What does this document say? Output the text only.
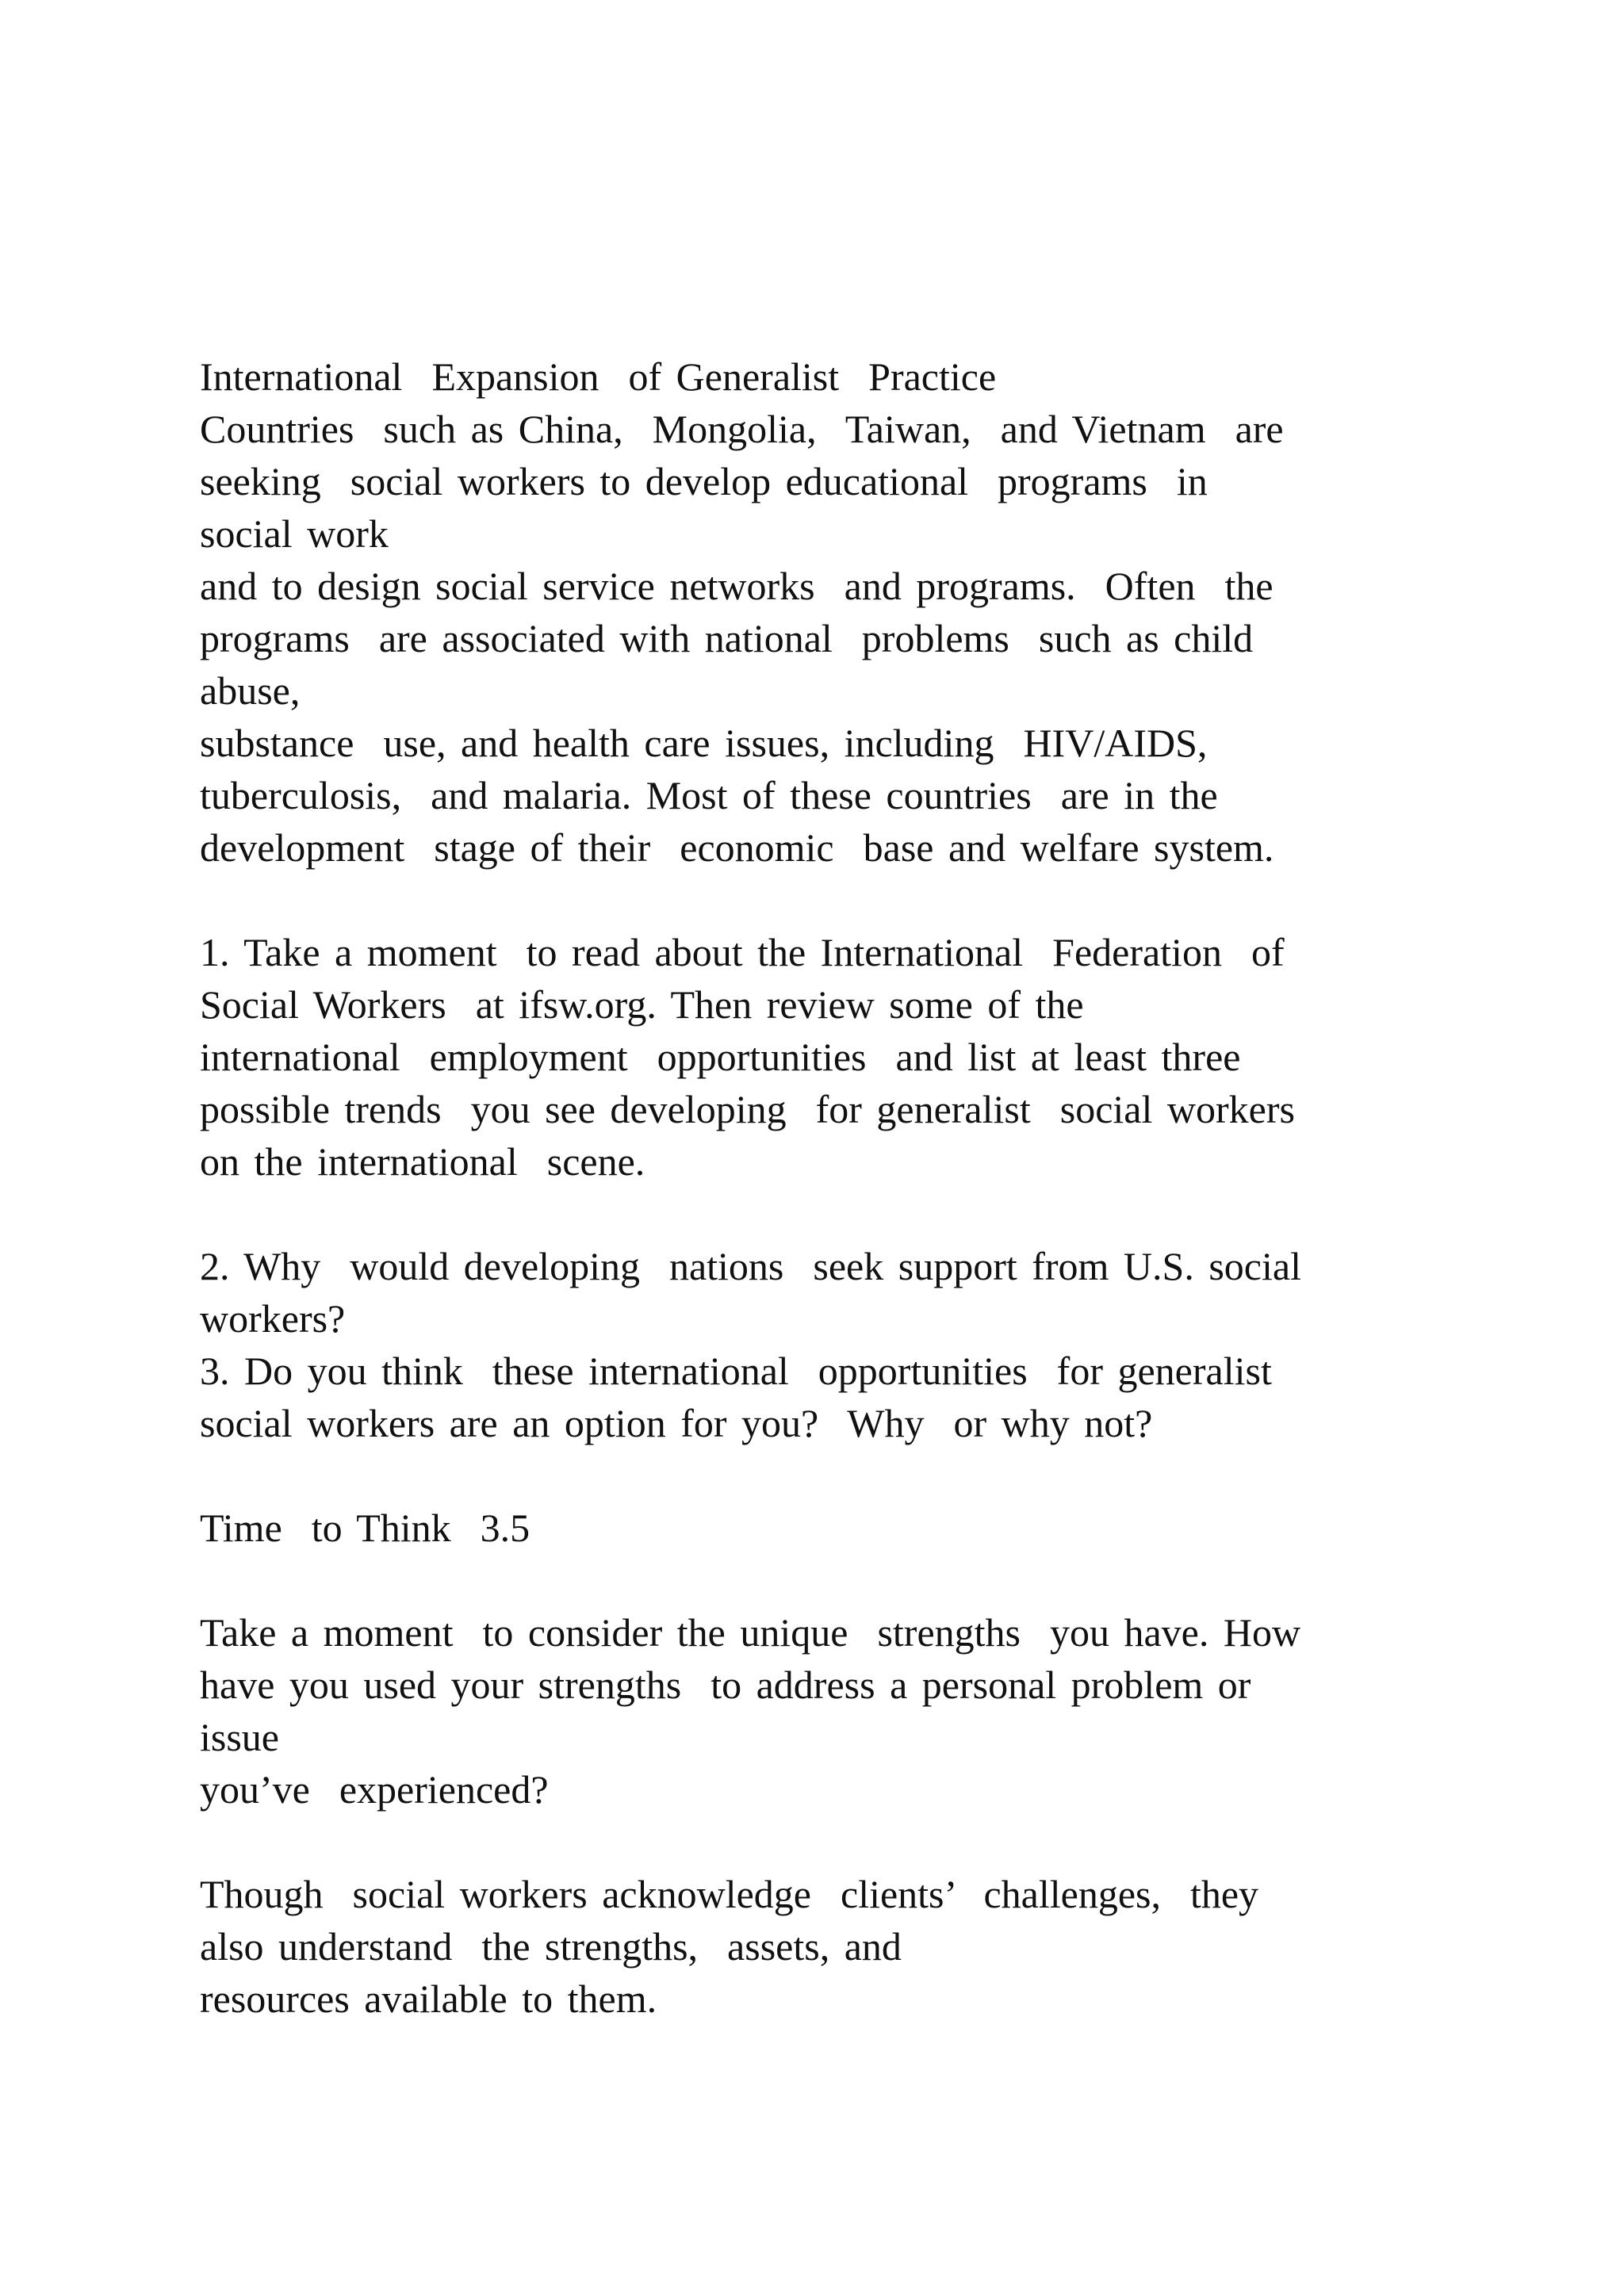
International  Expansion  of Generalist  Practice
Countries  such as China,  Mongolia,  Taiwan,  and Vietnam  are
seeking  social workers to develop educational  programs  in
social work
and to design social service networks  and programs.  Often  the
programs  are associated with national  problems  such as child
abuse,
substance  use, and health care issues, including  HIV/AIDS,
tuberculosis,  and malaria. Most of these countries  are in the
development  stage of their  economic  base and welfare system.
1. Take a moment  to read about the International  Federation  of
Social Workers  at ifsw.org. Then review some of the
international  employment  opportunities  and list at least three
possible trends  you see developing  for generalist  social workers
on the international  scene.
2. Why  would developing  nations  seek support from U.S. social
workers?
3. Do you think  these international  opportunities  for generalist
social workers are an option for you?  Why  or why not?
Time  to Think  3.5
Take a moment  to consider the unique  strengths  you have. How
have you used your strengths  to address a personal problem or
issue
you’ve  experienced?
Though  social workers acknowledge  clients’  challenges,  they
also understand  the strengths,  assets, and
resources available to them.
